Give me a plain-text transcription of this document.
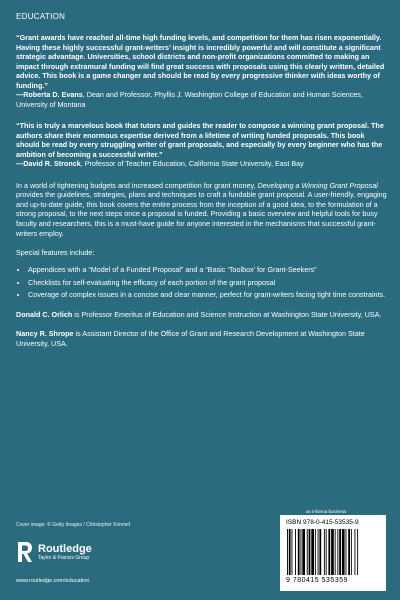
EDUCATION
“Grant awards have reached all-time high funding levels, and competition for them has risen exponentially. Having these highly successful grant-writers’ insight is incredibly powerful and will constitute a significant strategic advantage. Universities, school districts and non-profit organizations committed to making an impact through extramural funding will find great success with proposals using this clearly written, detailed advice. This book is a game changer and should be read by every progressive thinker with ideas worthy of funding.”
—Roberta D. Evans, Dean and Professor, Phyllis J. Washington College of Education and Human Sciences, University of Montana
“This is truly a marvelous book that tutors and guides the reader to compose a winning grant proposal. The authors share their enormous expertise derived from a lifetime of writing funded proposals. This book should be read by every struggling writer of grant proposals, and especially by every beginner who has the ambition of becoming a successful writer.”
—David R. Stronck, Professor of Teacher Education, California State University, East Bay
In a world of tightening budgets and increased competition for grant money, Developing a Winning Grant Proposal provides the guidelines, strategies, plans and techniques to craft a fundable grant proposal. A user-friendly, engaging and up-to-date guide, this book covers the entire process from the inception of a good idea, to the formulation of a strong proposal, to the next steps once a proposal is funded. Providing a basic overview and helpful tools for busy faculty and researchers, this is a must-have guide for anyone interested in the mechanisms that successful grant-writers employ.
Special features include:
• Appendices with a “Model of a Funded Proposal” and a “Basic ‘Toolbox’ for Grant-Seekers”
• Checklists for self-evaluating the efficacy of each portion of the grant proposal
• Coverage of complex issues in a concise and clear manner, perfect for grant-writers facing tight time constraints.
Donald C. Orlich is Professor Emeritus of Education and Science Instruction at Washington State University, USA.
Nancy R. Shrope is Assistant Director of the Office of Grant and Research Development at Washington State University, USA.
Cover image: © Getty Images / Christopher Kimmel
Routledge
Taylor & Francis Group
www.routledge.com/education
an informa business
ISBN 978-0-415-53535-9
9 780415 535359
